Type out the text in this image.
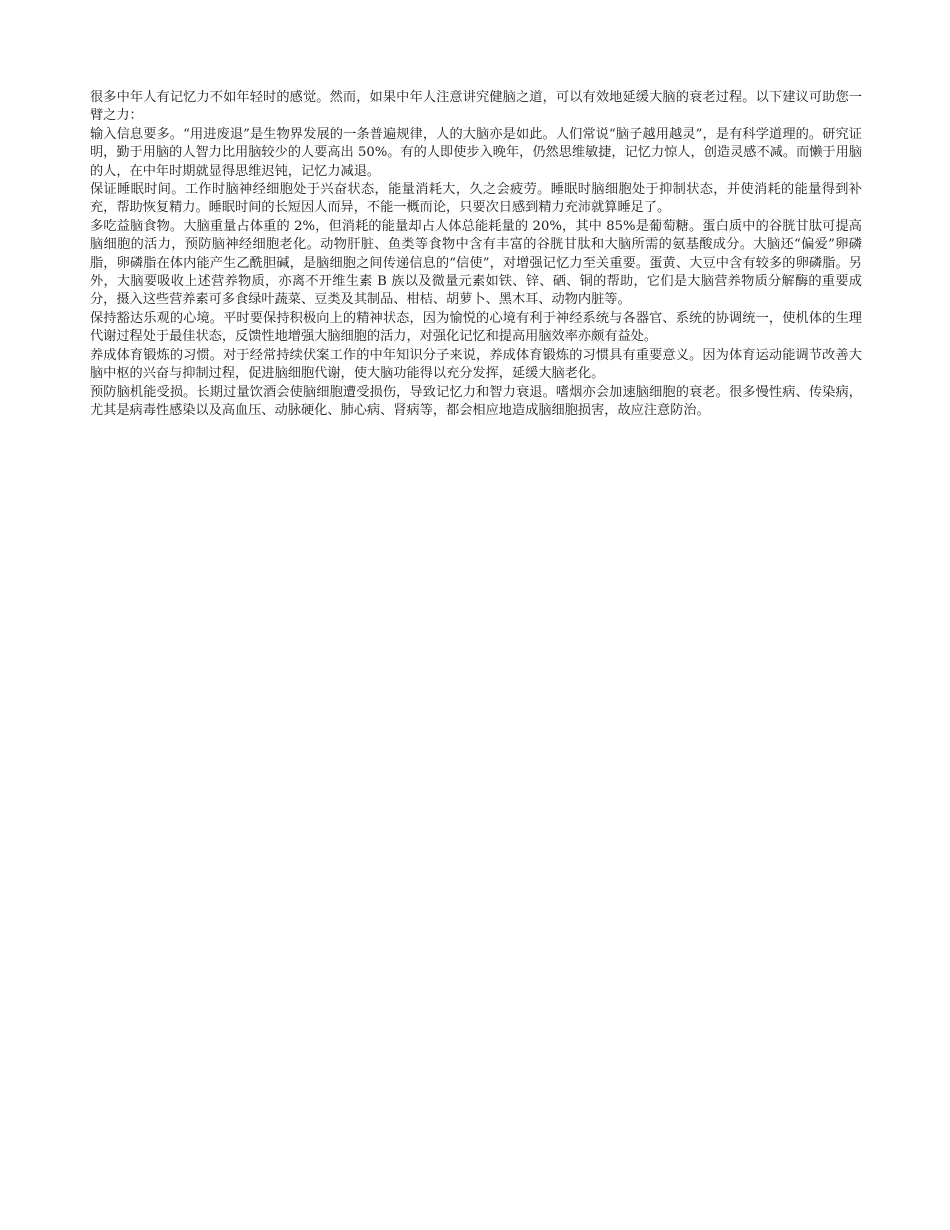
很多中年人有记忆力不如年轻时的感觉。然而，如果中年人注意讲究健脑之道，可以有效地延缓大脑的衰老过程。以下建议可助您一臂之力：

输入信息要多。“用进废退”是生物界发展的一条普遍规律，人的大脑亦是如此。人们常说“脑子越用越灵”，是有科学道理的。研究证明，勤于用脑的人智力比用脑较少的人要高出 50%。有的人即使步入晚年，仍然思维敏捷，记忆力惊人，创造灵感不减。而懒于用脑的人，在中年时期就显得思维迟钝，记忆力减退。

保证睡眠时间。工作时脑神经细胞处于兴奋状态，能量消耗大，久之会疲劳。睡眠时脑细胞处于抑制状态，并使消耗的能量得到补充，帮助恢复精力。睡眠时间的长短因人而异，不能一概而论，只要次日感到精力充沛就算睡足了。

多吃益脑食物。大脑重量占体重的 2%，但消耗的能量却占人体总能耗量的 20%，其中 85%是葡萄糖。蛋白质中的谷胱甘肽可提高脑细胞的活力，预防脑神经细胞老化。动物肝脏、鱼类等食物中含有丰富的谷胱甘肽和大脑所需的氨基酸成分。大脑还“偏爱”卵磷脂，卵磷脂在体内能产生乙酰胆碱，是脑细胞之间传递信息的“信使”，对增强记忆力至关重要。蛋黄、大豆中含有较多的卵磷脂。另外，大脑要吸收上述营养物质，亦离不开维生素 B 族以及微量元素如铁、锌、硒、铜的帮助，它们是大脑营养物质分解酶的重要成分，摄入这些营养素可多食绿叶蔬菜、豆类及其制品、柑桔、胡萝卜、黑木耳、动物内脏等。

保持豁达乐观的心境。平时要保持积极向上的精神状态，因为愉悦的心境有利于神经系统与各器官、系统的协调统一，使机体的生理代谢过程处于最佳状态，反馈性地增强大脑细胞的活力，对强化记忆和提高用脑效率亦颇有益处。

养成体育锻炼的习惯。对于经常持续伏案工作的中年知识分子来说，养成体育锻炼的习惯具有重要意义。因为体育运动能调节改善大脑中枢的兴奋与抑制过程，促进脑细胞代谢，使大脑功能得以充分发挥，延缓大脑老化。

预防脑机能受损。长期过量饮酒会使脑细胞遭受损伤，导致记忆力和智力衰退。嗜烟亦会加速脑细胞的衰老。很多慢性病、传染病，尤其是病毒性感染以及高血压、动脉硬化、肺心病、肾病等，都会相应地造成脑细胞损害，故应注意防治。
